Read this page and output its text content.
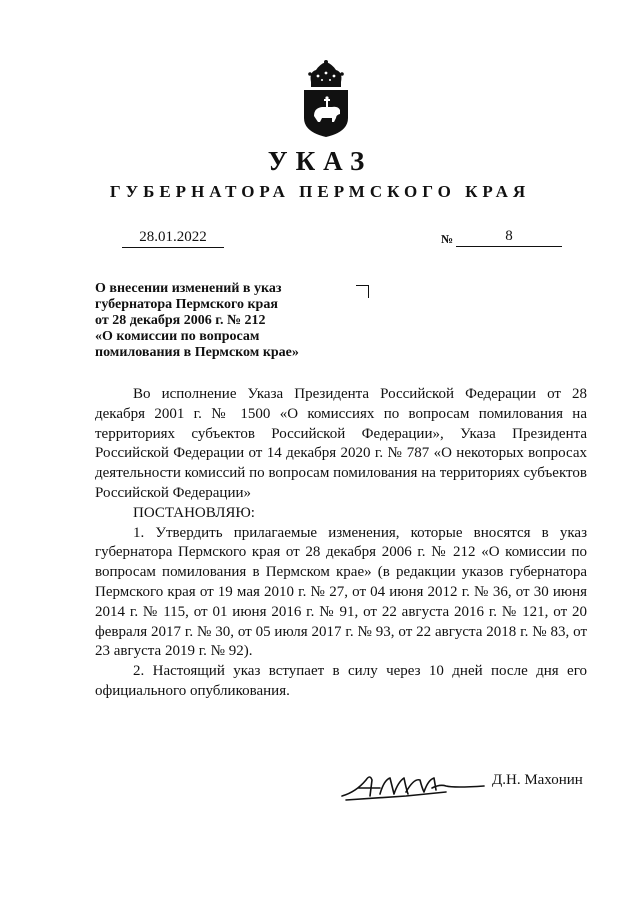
УКАЗ
ГУБЕРНАТОРА ПЕРМСКОГО КРАЯ
28.01.2022	№	8
О внесении изменений в указ
губернатора Пермского края
от 28 декабря 2006 г. № 212
«О комиссии по вопросам
помилования в Пермском крае»

Во исполнение Указа Президента Российской Федерации от 28 декабря 2001 г. № 1500 «О комиссиях по вопросам помилования на территориях субъектов Российской Федерации», Указа Президента Российской Федерации от 14 декабря 2020 г. № 787 «О некоторых вопросах деятельности комиссий по вопросам помилования на территориях субъектов Российской Федерации»

ПОСТАНОВЛЯЮ:

1. Утвердить прилагаемые изменения, которые вносятся в указ губернатора Пермского края от 28 декабря 2006 г. № 212 «О комиссии по вопросам помилования в Пермском крае» (в редакции указов губернатора Пермского края от 19 мая 2010 г. № 27, от 04 июня 2012 г. № 36, от 30 июня 2014 г. № 115, от 01 июня 2016 г. № 91, от 22 августа 2016 г. № 121, от 20 февраля 2017 г. № 30, от 05 июля 2017 г. № 93, от 22 августа 2018 г. № 83, от 23 августа 2019 г. № 92).

2. Настоящий указ вступает в силу через 10 дней после дня его официального опубликования.

Д.Н. Махонин
